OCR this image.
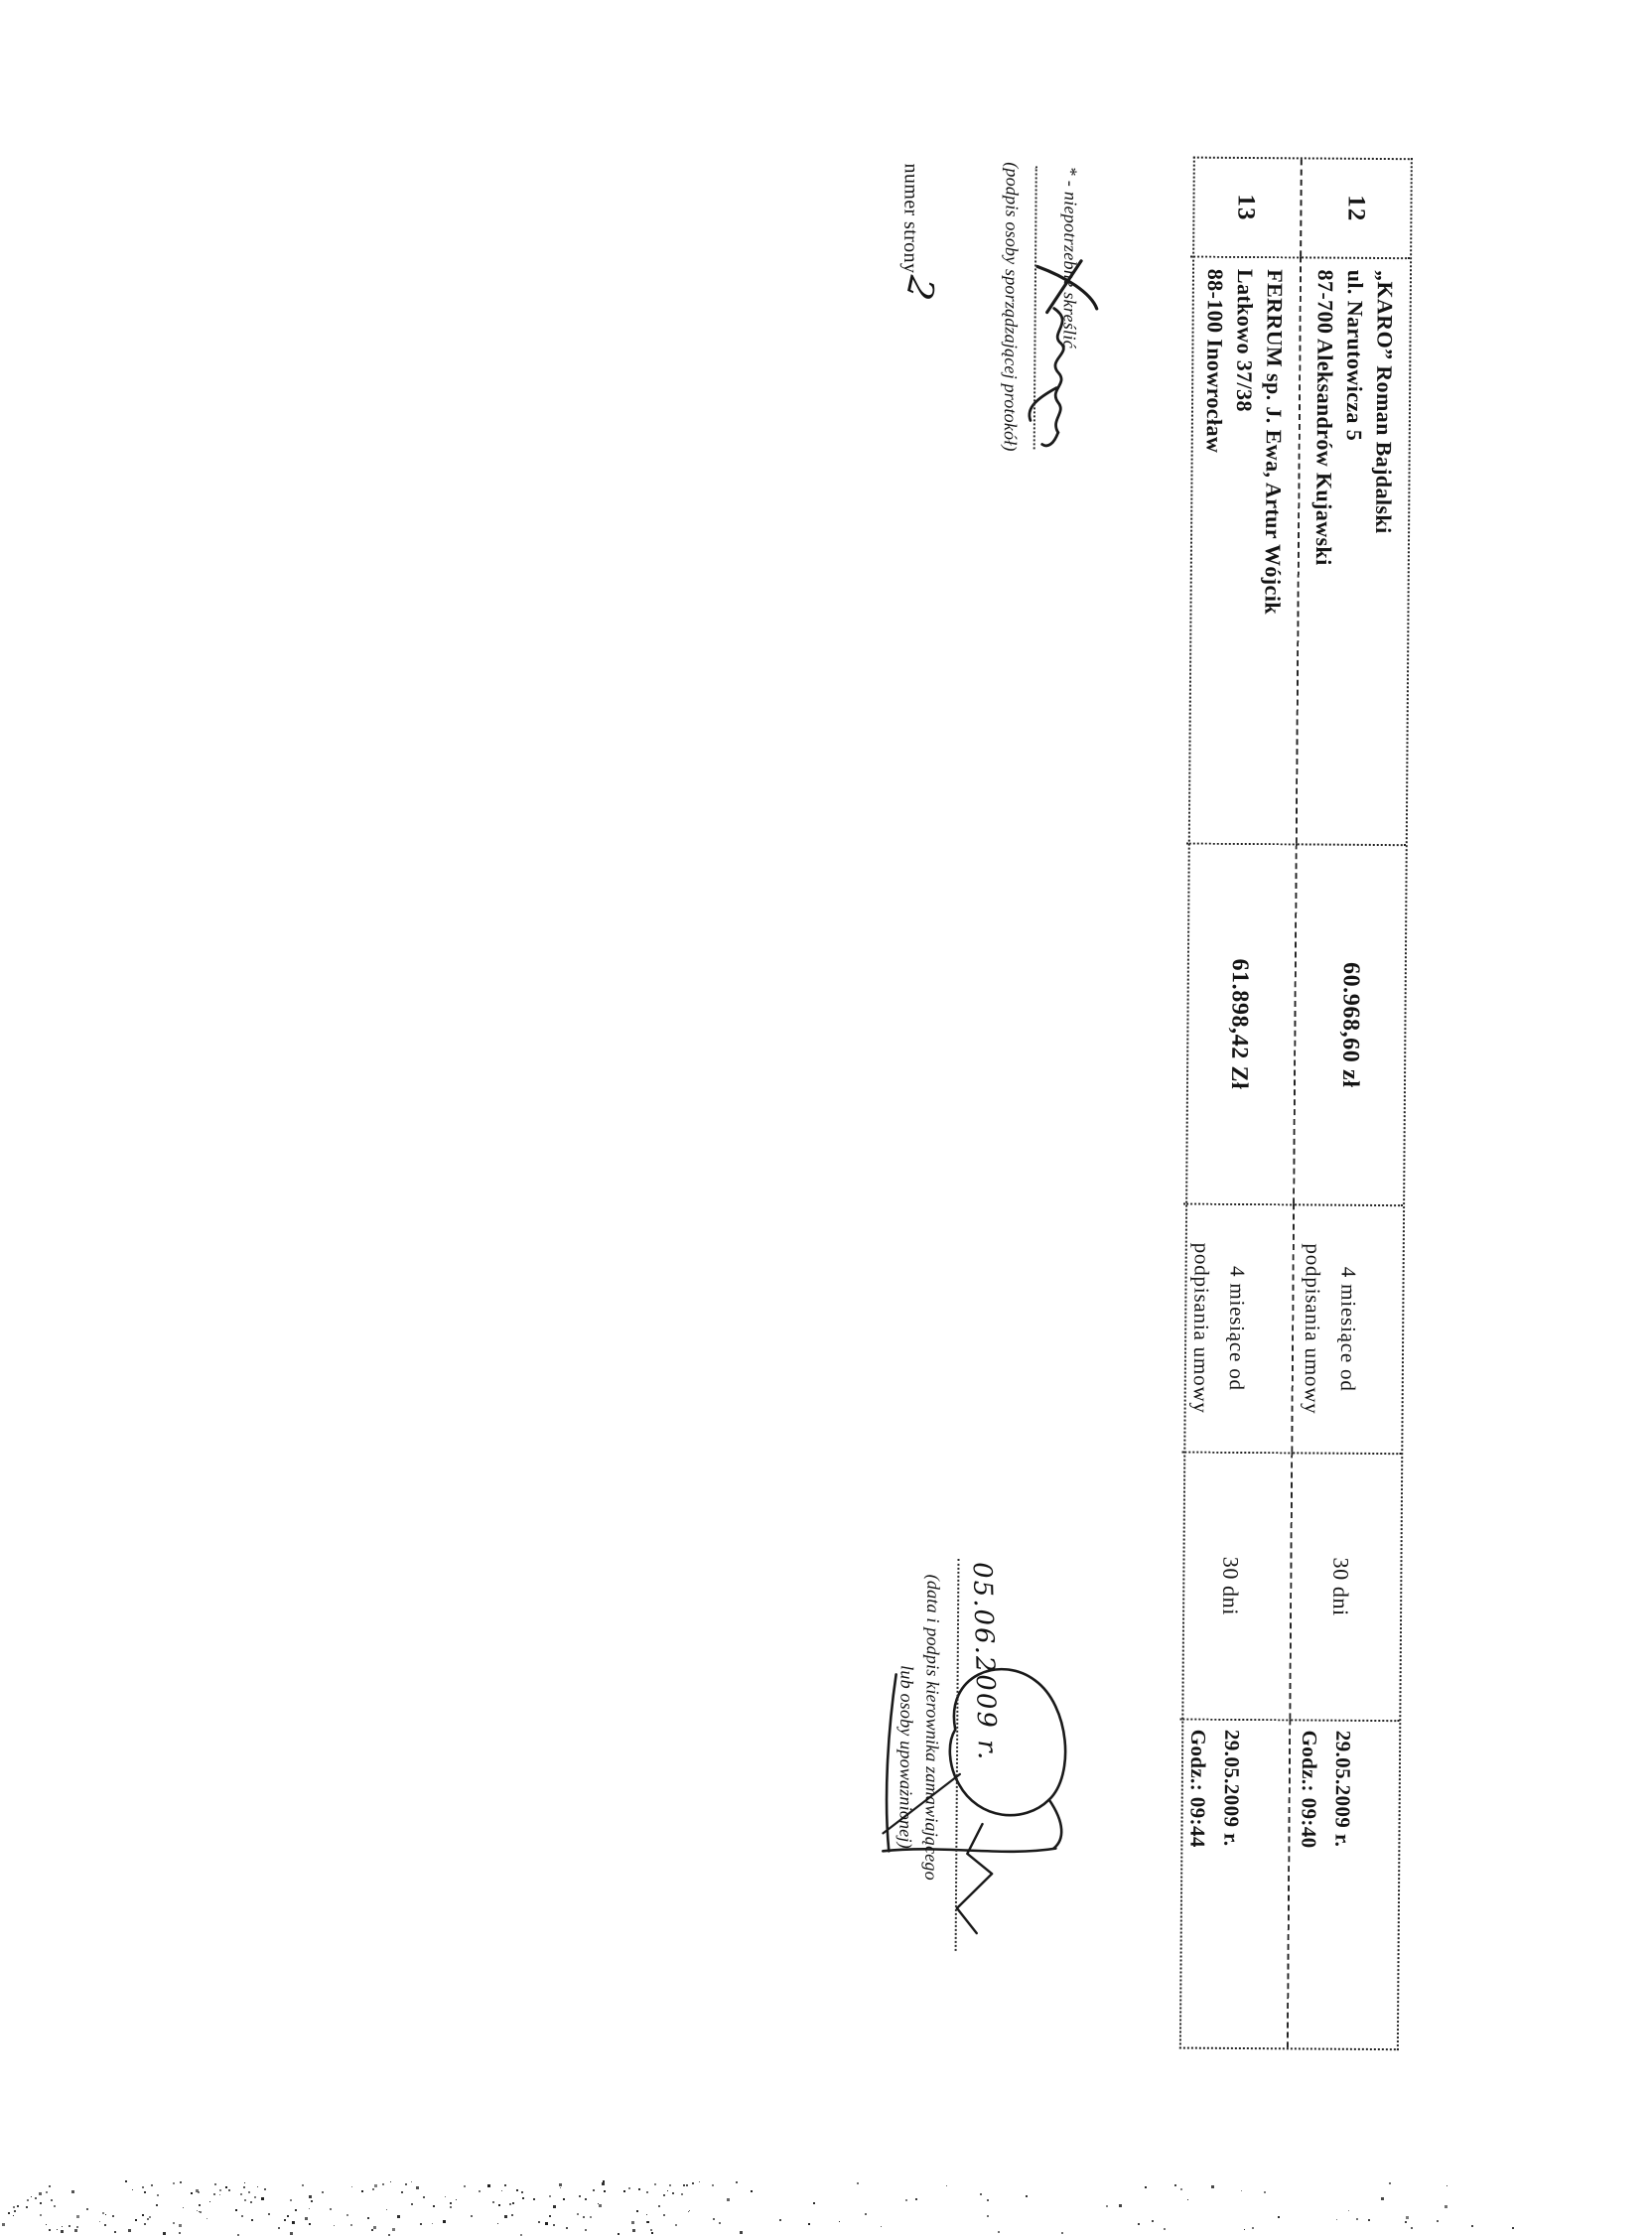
12
„KARO” Roman Bajdalski
ul. Narutowicza 5
87-700 Aleksandrów Kujawski
60.968,60 zł
4 miesiące od
podpisania umowy
30 dni
29.05.2009 r.
Godz.: 09:40
13
FERRUM sp. J. Ewa, Artur Wójcik
Latkowo 37/38
88-100 Inowrocław
61.898,42 Zł
4 miesiące od
podpisania umowy
30 dni
29.05.2009 r.
Godz.: 09:44
* - niepotrzebne skreślić
(podpis osoby sporządzającej protokół)
numer strony
2
05.06.2009 r.
(data i podpis kierownika zamawiającego
lub osoby upoważnionej)
